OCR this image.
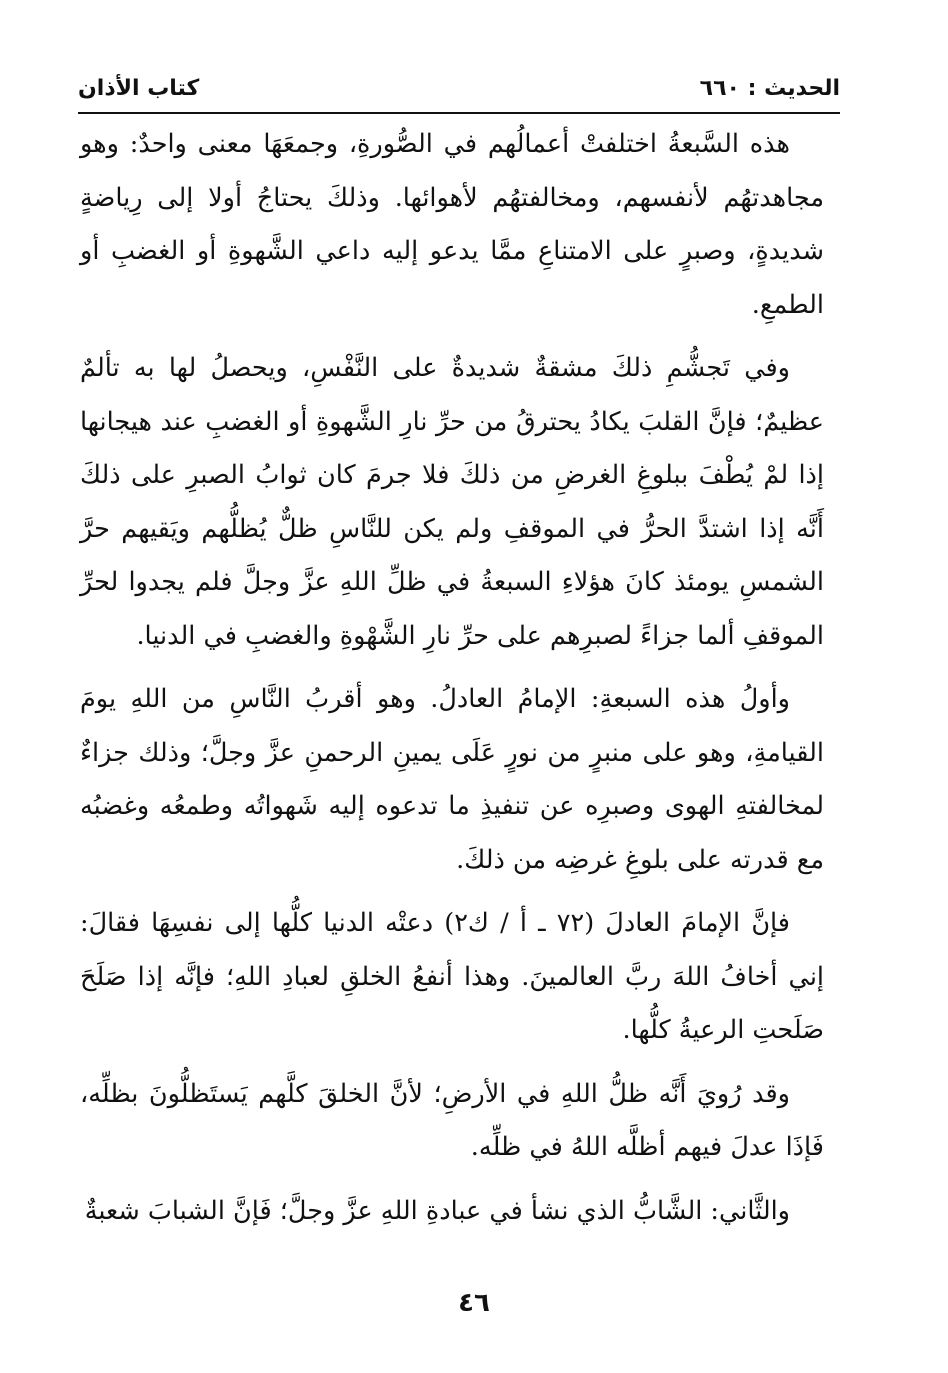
الحديث : ٦٦٠
كتاب الأذان

هذه السَّبعةُ اختلفتْ أعمالُهم في الصُّورةِ، وجمعَهَا معنى واحدٌ: وهو مجاهدتهُم لأنفسهم، ومخالفتهُم لأهوائها. وذلكَ يحتاجُ أولا إلى رِياضةٍ شديدةٍ، وصبرٍ على الامتناعِ ممَّا يدعو إليه داعي الشَّهوةِ أو الغضبِ أو الطمعِ.

وفي تَجشُّمِ ذلكَ مشقةٌ شديدةٌ على النَّفْسِ، ويحصلُ لها به تألمٌ عظيمٌ؛ فإنَّ القلبَ يكادُ يحترقُ من حرِّ نارِ الشَّهوةِ أو الغضبِ عند هيجانها إذا لمْ يُطْفَ ببلوغِ الغرضِ من ذلكَ فلا جرمَ كان ثوابُ الصبرِ على ذلكَ أَنَّه إذا اشتدَّ الحرُّ في الموقفِ ولم يكن للنَّاسِ ظلٌّ يُظلُّهم ويَقيهم حرَّ الشمسِ يومئذ كانَ هؤلاءِ السبعةُ في ظلِّ اللهِ عزَّ وجلَّ فلم يجدوا لحرِّ الموقفِ ألما جزاءً لصبرِهم على حرِّ نارِ الشَّهْوةِ والغضبِ في الدنيا.

وأولُ هذه السبعةِ: الإمامُ العادلُ. وهو أقربُ النَّاسِ من اللهِ يومَ القيامةِ، وهو على منبرٍ من نورٍ عَلَى يمينِ الرحمنِ عزَّ وجلَّ؛ وذلك جزاءٌ لمخالفتهِ الهوى وصبرِه عن تنفيذِ ما تدعوه إليه شَهواتُه وطمعُه وغضبُه مع قدرته على بلوغِ غرضِه من ذلكَ.

فإنَّ الإمامَ العادلَ (٧٢ ـ أ / ك٢) دعتْه الدنيا كلُّها إلى نفسِهَا فقالَ: إني أخافُ اللهَ ربَّ العالمينَ. وهذا أنفعُ الخلقِ لعبادِ اللهِ؛ فإنَّه إذا صَلَحَ صَلَحتِ الرعيةُ كلُّها.

وقد رُويَ أَنَّه ظلُّ اللهِ في الأرضِ؛ لأنَّ الخلقَ كلَّهم يَستَظلُّونَ بظلِّه، فَإذَا عدلَ فيهم أظلَّه اللهُ في ظلِّه.

والثَّاني: الشَّابُّ الذي نشأ في عبادةِ اللهِ عزَّ وجلَّ؛ فَإنَّ الشبابَ شعبةٌ

٤٦
